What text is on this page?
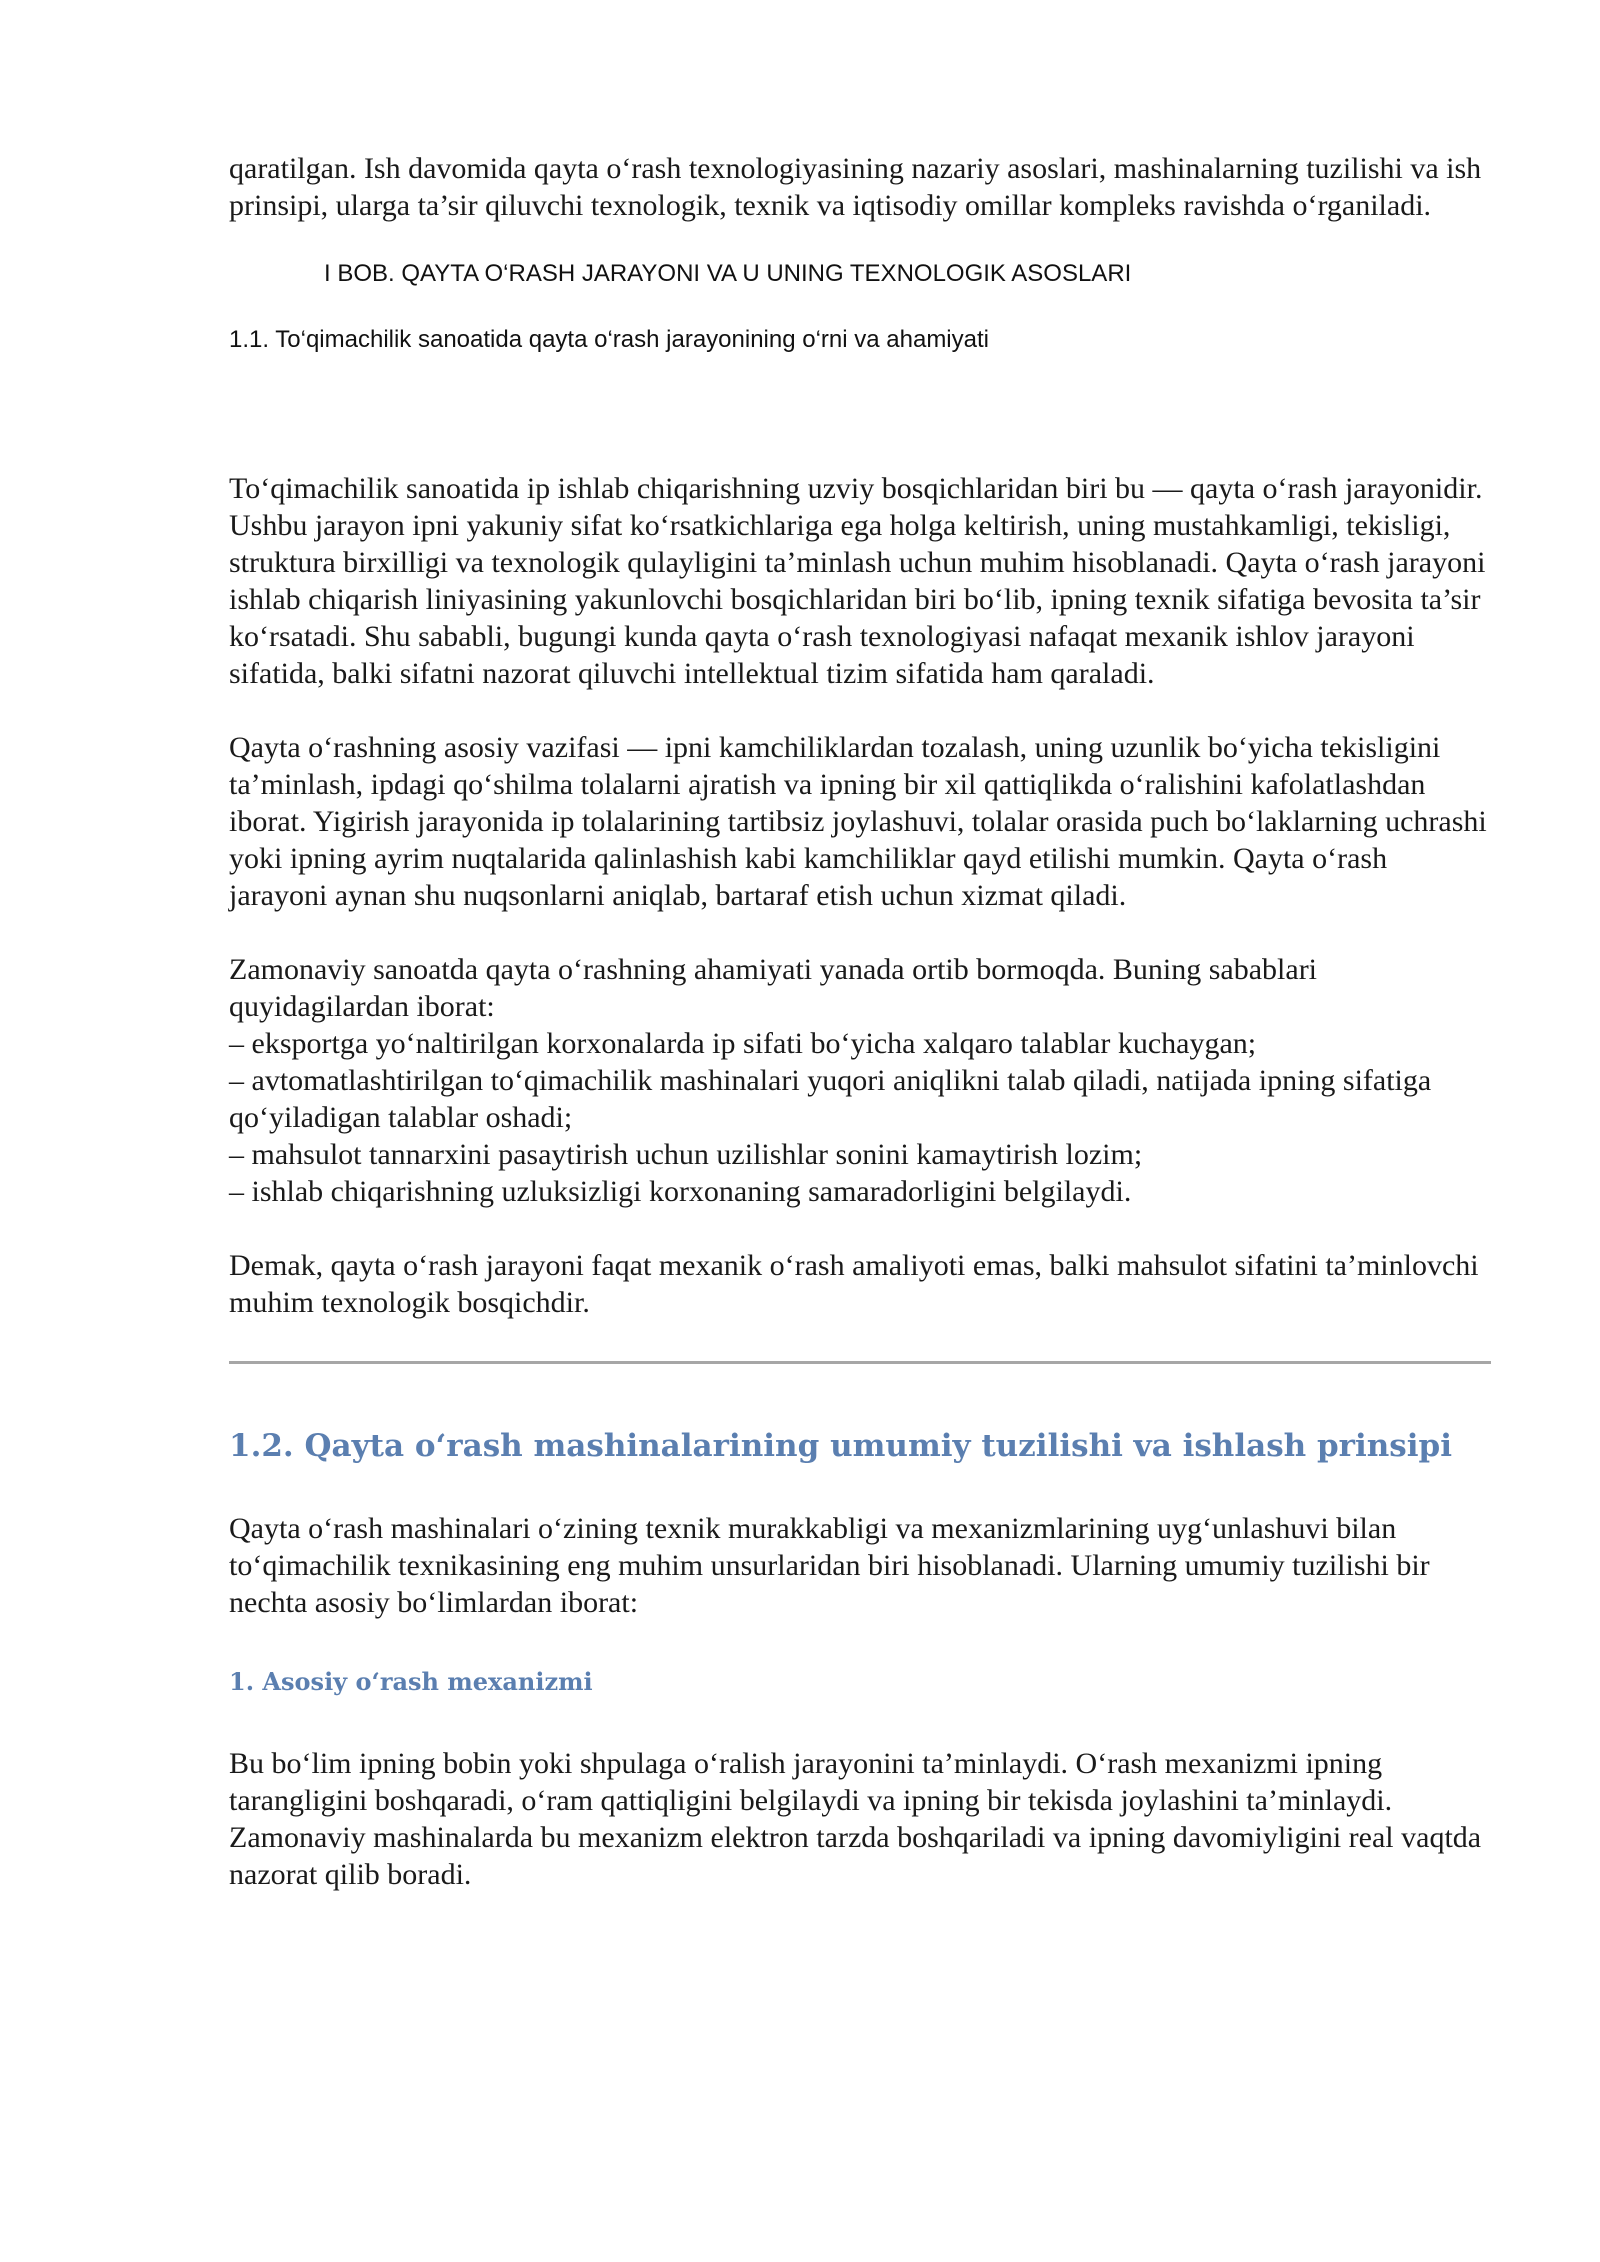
qaratilgan. Ish davomida qayta o‘rash texnologiyasining nazariy asoslari, mashinalarning tuzilishi va ish prinsipi, ularga ta’sir qiluvchi texnologik, texnik va iqtisodiy omillar kompleks ravishda o‘rganiladi.

I BOB. QAYTA O‘RASH JARAYONI VA U UNING TEXNOLOGIK ASOSLARI

1.1. To‘qimachilik sanoatida qayta o‘rash jarayonining o‘rni va ahamiyati

To‘qimachilik sanoatida ip ishlab chiqarishning uzviy bosqichlaridan biri bu — qayta o‘rash jarayonidir. Ushbu jarayon ipni yakuniy sifat ko‘rsatkichlariga ega holga keltirish, uning mustahkamligi, tekisligi, struktura birxilligi va texnologik qulayligini ta’minlash uchun muhim hisoblanadi. Qayta o‘rash jarayoni ishlab chiqarish liniyasining yakunlovchi bosqichlaridan biri bo‘lib, ipning texnik sifatiga bevosita ta’sir ko‘rsatadi. Shu sababli, bugungi kunda qayta o‘rash texnologiyasi nafaqat mexanik ishlov jarayoni sifatida, balki sifatni nazorat qiluvchi intellektual tizim sifatida ham qaraladi.

Qayta o‘rashning asosiy vazifasi — ipni kamchiliklardan tozalash, uning uzunlik bo‘yicha tekisligini ta’minlash, ipdagi qo‘shilma tolalarni ajratish va ipning bir xil qattiqlikda o‘ralishini kafolatlashdan iborat. Yigirish jarayonida ip tolalarining tartibsiz joylashuvi, tolalar orasida puch bo‘laklarning uchrashi yoki ipning ayrim nuqtalarida qalinlashish kabi kamchiliklar qayd etilishi mumkin. Qayta o‘rash jarayoni aynan shu nuqsonlarni aniqlab, bartaraf etish uchun xizmat qiladi.

Zamonaviy sanoatda qayta o‘rashning ahamiyati yanada ortib bormoqda. Buning sabablari quyidagilardan iborat:

– eksportga yo‘naltirilgan korxonalarda ip sifati bo‘yicha xalqaro talablar kuchaygan;

– avtomatlashtirilgan to‘qimachilik mashinalari yuqori aniqlikni talab qiladi, natijada ipning sifatiga qo‘yiladigan talablar oshadi;

– mahsulot tannarxini pasaytirish uchun uzilishlar sonini kamaytirish lozim;

– ishlab chiqarishning uzluksizligi korxonaning samaradorligini belgilaydi.

Demak, qayta o‘rash jarayoni faqat mexanik o‘rash amaliyoti emas, balki mahsulot sifatini ta’minlovchi muhim texnologik bosqichdir.

1.2. Qayta o‘rash mashinalarining umumiy tuzilishi va ishlash prinsipi

Qayta o‘rash mashinalari o‘zining texnik murakkabligi va mexanizmlarining uyg‘unlashuvi bilan to‘qimachilik texnikasining eng muhim unsurlaridan biri hisoblanadi. Ularning umumiy tuzilishi bir nechta asosiy bo‘limlardan iborat:

1. Asosiy o‘rash mexanizmi

Bu bo‘lim ipning bobin yoki shpulaga o‘ralish jarayonini ta’minlaydi. O‘rash mexanizmi ipning tarangligini boshqaradi, o‘ram qattiqligini belgilaydi va ipning bir tekisda joylashini ta’minlaydi. Zamonaviy mashinalarda bu mexanizm elektron tarzda boshqariladi va ipning davomiyligini real vaqtda nazorat qilib boradi.
